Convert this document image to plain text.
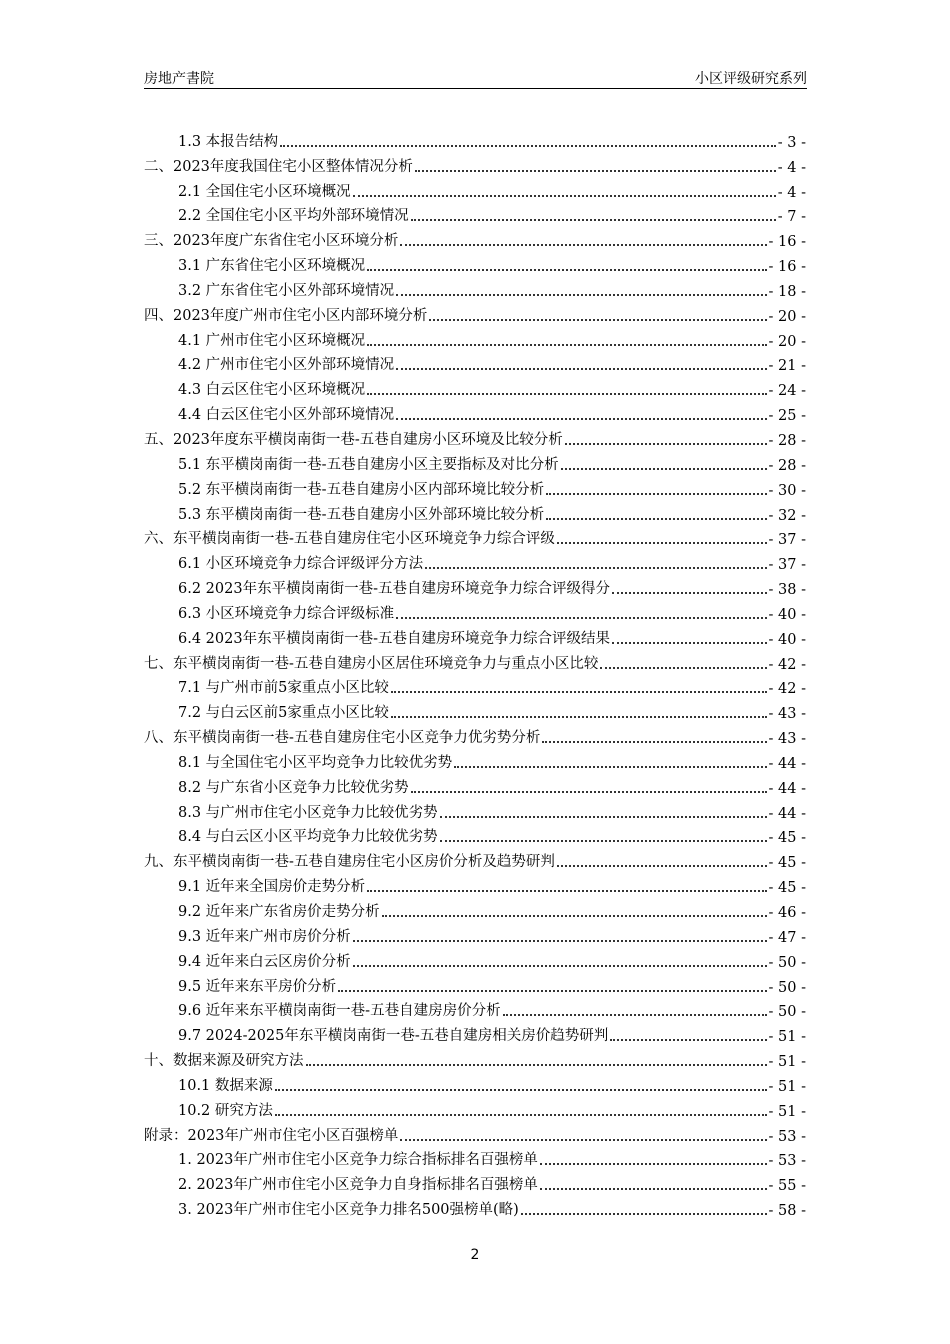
房地产書院	小区评级研究系列
1.3 本报告结构	- 3 -
二、2023年度我国住宅小区整体情况分析	- 4 -
2.1 全国住宅小区环境概况	- 4 -
2.2 全国住宅小区平均外部环境情况	- 7 -
三、2023年度广东省住宅小区环境分析	- 16 -
3.1 广东省住宅小区环境概况	- 16 -
3.2 广东省住宅小区外部环境情况	- 18 -
四、2023年度广州市住宅小区内部环境分析	- 20 -
4.1 广州市住宅小区环境概况	- 20 -
4.2 广州市住宅小区外部环境情况	- 21 -
4.3 白云区住宅小区环境概况	- 24 -
4.4 白云区住宅小区外部环境情况	- 25 -
五、2023年度东平横岗南街一巷-五巷自建房小区环境及比较分析	- 28 -
5.1 东平横岗南街一巷-五巷自建房小区主要指标及对比分析	- 28 -
5.2 东平横岗南街一巷-五巷自建房小区内部环境比较分析	- 30 -
5.3 东平横岗南街一巷-五巷自建房小区外部环境比较分析	- 32 -
六、东平横岗南街一巷-五巷自建房住宅小区环境竞争力综合评级	- 37 -
6.1 小区环境竞争力综合评级评分方法	- 37 -
6.2 2023年东平横岗南街一巷-五巷自建房环境竞争力综合评级得分	- 38 -
6.3 小区环境竞争力综合评级标准	- 40 -
6.4 2023年东平横岗南街一巷-五巷自建房环境竞争力综合评级结果	- 40 -
七、东平横岗南街一巷-五巷自建房小区居住环境竞争力与重点小区比较	- 42 -
7.1 与广州市前5家重点小区比较	- 42 -
7.2 与白云区前5家重点小区比较	- 43 -
八、东平横岗南街一巷-五巷自建房住宅小区竞争力优劣势分析	- 43 -
8.1 与全国住宅小区平均竞争力比较优劣势	- 44 -
8.2 与广东省小区竞争力比较优劣势	- 44 -
8.3 与广州市住宅小区竞争力比较优劣势	- 44 -
8.4 与白云区小区平均竞争力比较优劣势	- 45 -
九、东平横岗南街一巷-五巷自建房住宅小区房价分析及趋势研判	- 45 -
9.1 近年来全国房价走势分析	- 45 -
9.2 近年来广东省房价走势分析	- 46 -
9.3 近年来广州市房价分析	- 47 -
9.4 近年来白云区房价分析	- 50 -
9.5 近年来东平房价分析	- 50 -
9.6 近年来东平横岗南街一巷-五巷自建房房价分析	- 50 -
9.7 2024-2025年东平横岗南街一巷-五巷自建房相关房价趋势研判	- 51 -
十、数据来源及研究方法	- 51 -
10.1 数据来源	- 51 -
10.2 研究方法	- 51 -
附录：2023年广州市住宅小区百强榜单	- 53 -
1. 2023年广州市住宅小区竞争力综合指标排名百强榜单	- 53 -
2. 2023年广州市住宅小区竞争力自身指标排名百强榜单	- 55 -
3. 2023年广州市住宅小区竞争力排名500强榜单(略)	- 58 -
2
